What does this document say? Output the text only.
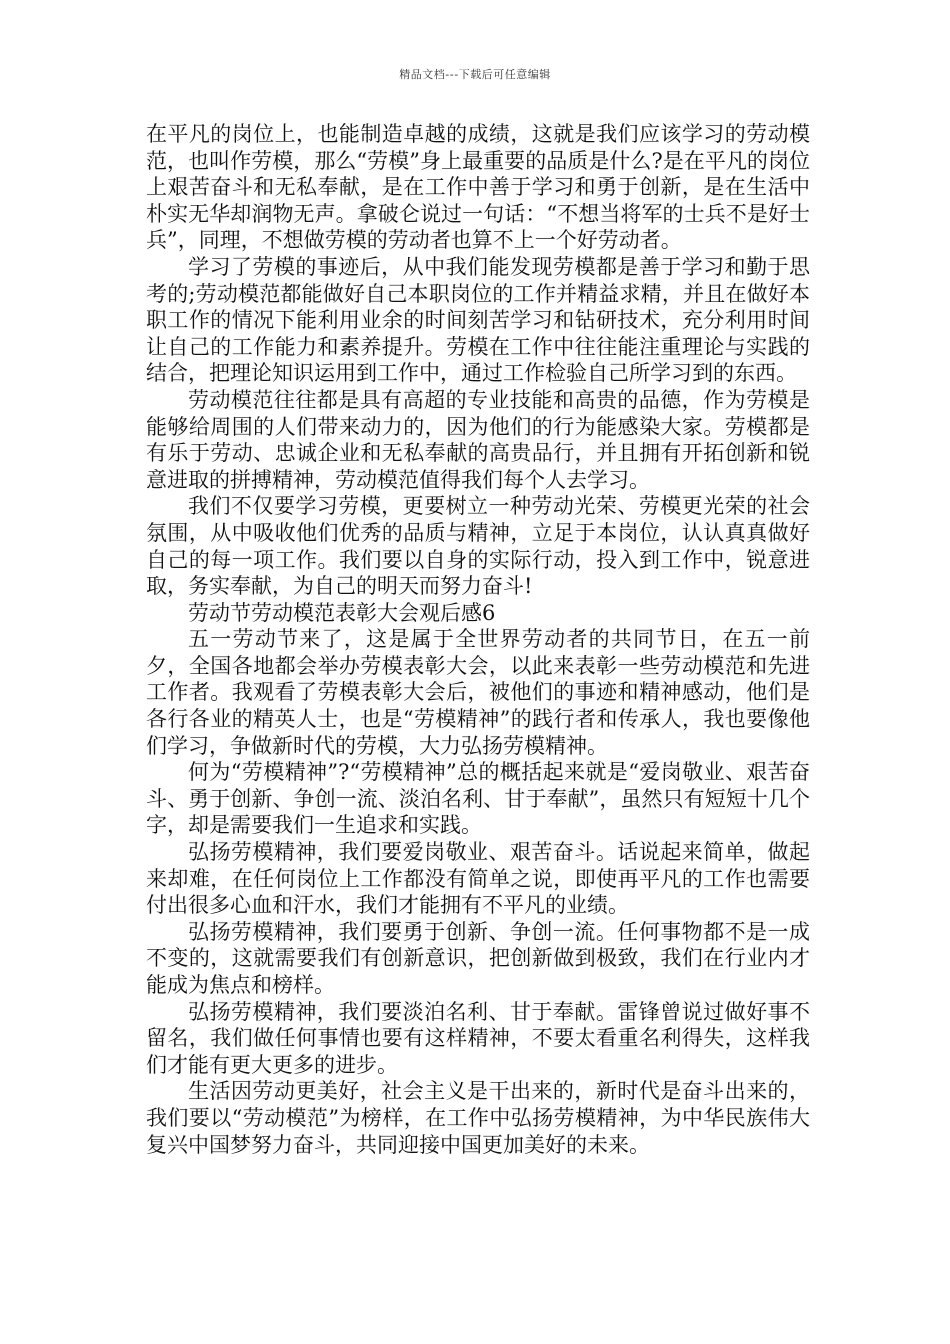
精品文档---下载后可任意编辑

在平凡的岗位上，也能制造卓越的成绩，这就是我们应该学习的劳动模范，也叫作劳模，那么“劳模”身上最重要的品质是什么?是在平凡的岗位上艰苦奋斗和无私奉献，是在工作中善于学习和勇于创新，是在生活中朴实无华却润物无声。拿破仑说过一句话：“不想当将军的士兵不是好士兵”，同理，不想做劳模的劳动者也算不上一个好劳动者。

学习了劳模的事迹后，从中我们能发现劳模都是善于学习和勤于思考的;劳动模范都能做好自己本职岗位的工作并精益求精，并且在做好本职工作的情况下能利用业余的时间刻苦学习和钻研技术，充分利用时间让自己的工作能力和素养提升。劳模在工作中往往能注重理论与实践的结合，把理论知识运用到工作中，通过工作检验自己所学习到的东西。

劳动模范往往都是具有高超的专业技能和高贵的品德，作为劳模是能够给周围的人们带来动力的，因为他们的行为能感染大家。劳模都是有乐于劳动、忠诚企业和无私奉献的高贵品行，并且拥有开拓创新和锐意进取的拼搏精神，劳动模范值得我们每个人去学习。

我们不仅要学习劳模，更要树立一种劳动光荣、劳模更光荣的社会氛围，从中吸收他们优秀的品质与精神，立足于本岗位，认认真真做好自己的每一项工作。我们要以自身的实际行动，投入到工作中，锐意进取，务实奉献，为自己的明天而努力奋斗!

劳动节劳动模范表彰大会观后感6

五一劳动节来了，这是属于全世界劳动者的共同节日，在五一前夕，全国各地都会举办劳模表彰大会，以此来表彰一些劳动模范和先进工作者。我观看了劳模表彰大会后，被他们的事迹和精神感动，他们是各行各业的精英人士，也是“劳模精神”的践行者和传承人，我也要像他们学习，争做新时代的劳模，大力弘扬劳模精神。

何为“劳模精神”?“劳模精神”总的概括起来就是“爱岗敬业、艰苦奋斗、勇于创新、争创一流、淡泊名利、甘于奉献”，虽然只有短短十几个字，却是需要我们一生追求和实践。

弘扬劳模精神，我们要爱岗敬业、艰苦奋斗。话说起来简单，做起来却难，在任何岗位上工作都没有简单之说，即使再平凡的工作也需要付出很多心血和汗水，我们才能拥有不平凡的业绩。

弘扬劳模精神，我们要勇于创新、争创一流。任何事物都不是一成不变的，这就需要我们有创新意识，把创新做到极致，我们在行业内才能成为焦点和榜样。

弘扬劳模精神，我们要淡泊名利、甘于奉献。雷锋曾说过做好事不留名，我们做任何事情也要有这样精神，不要太看重名利得失，这样我们才能有更大更多的进步。

生活因劳动更美好，社会主义是干出来的，新时代是奋斗出来的，我们要以“劳动模范”为榜样，在工作中弘扬劳模精神，为中华民族伟大复兴中国梦努力奋斗，共同迎接中国更加美好的未来。
